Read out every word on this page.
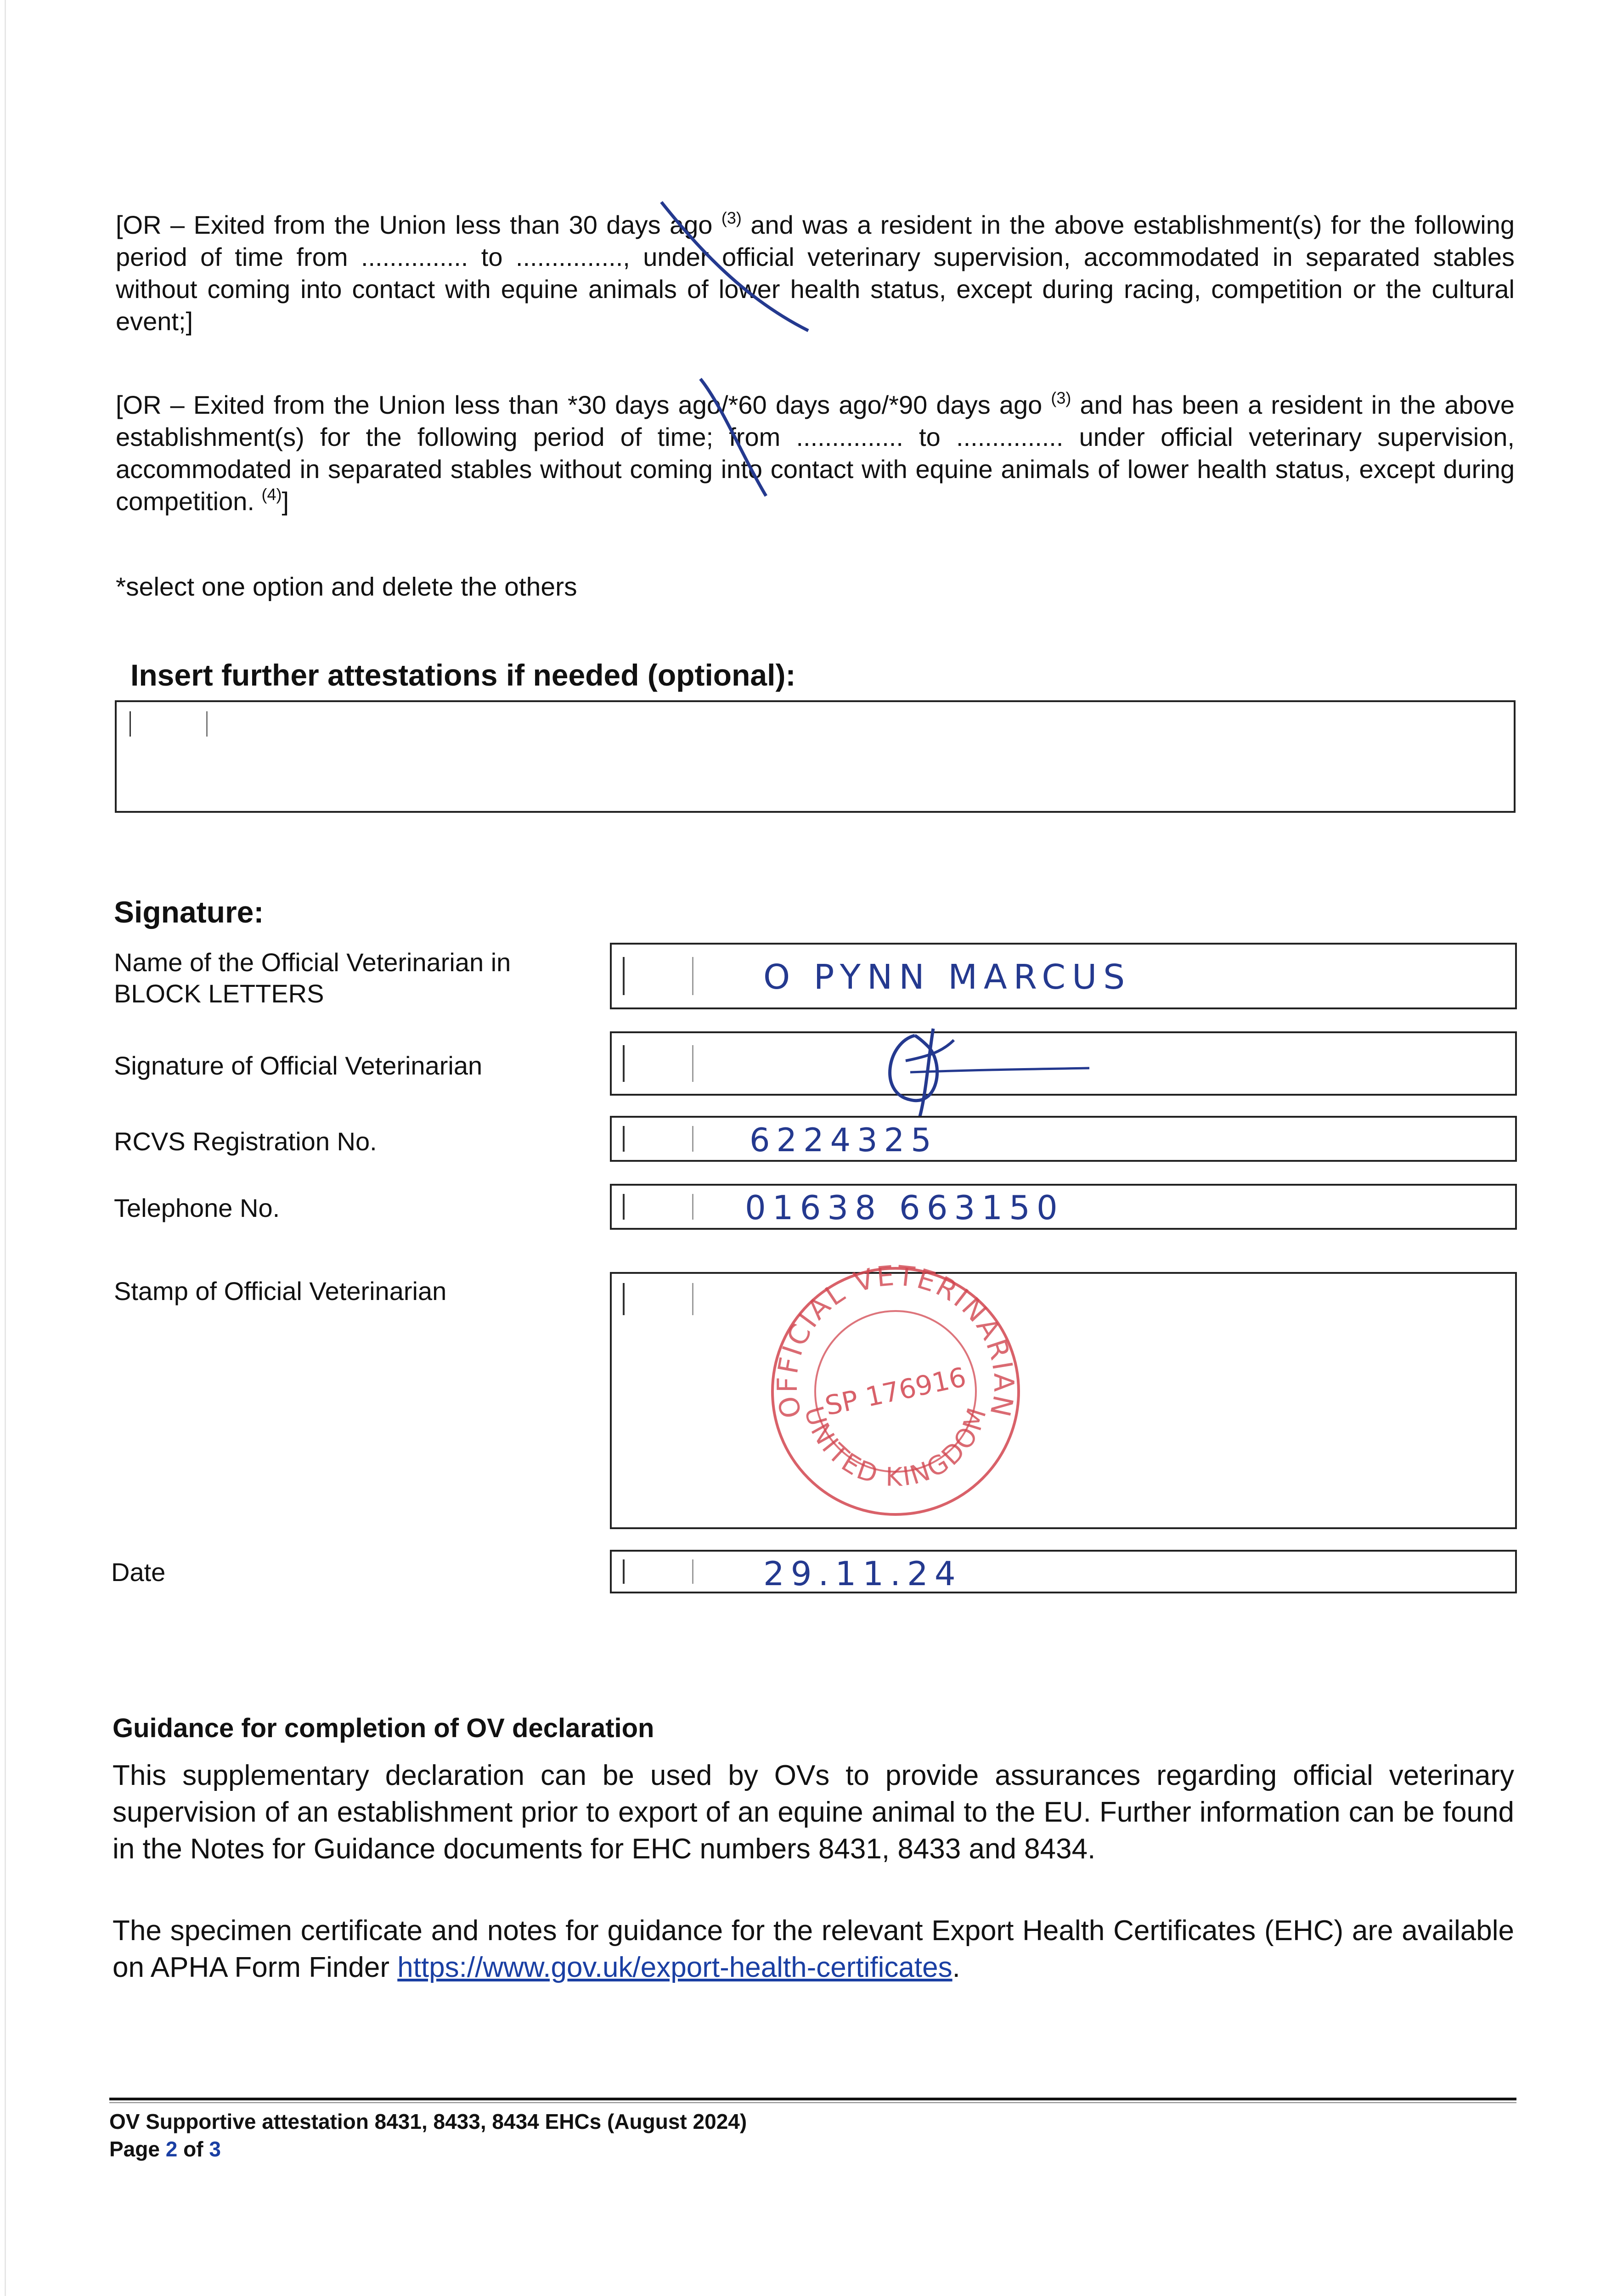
[OR – Exited from the Union less than 30 days ago $^{(3)}$ and was a resident in the above establishment(s) for the following period of time from ............... to ..............., under official veterinary supervision, accommodated in separated stables without coming into contact with equine animals of lower health status, except during racing, competition or the cultural event;]
[OR – Exited from the Union less than *30 days ago/*60 days ago/*90 days ago $^{(3)}$ and has been a resident in the above establishment(s) for the following period of time; from ............... to ............... under official veterinary supervision, accommodated in separated stables without coming into contact with equine animals of lower health status, except during competition. $^{(4)}$]
*select one option and delete the others
Insert further attestations if needed (optional):
Signature:
Name of the Official Veterinarian in
BLOCK LETTERS	O PYNN MARCUS
Signature of Official Veterinarian
RCVS Registration No.	6224325
Telephone No.	01638 663150
Stamp of Official Veterinarian
OFFICIAL VETERINARIAN
UNITED KINGDOM
SP 176916
Date	29.11.24
Guidance for completion of OV declaration
This supplementary declaration can be used by OVs to provide assurances regarding official veterinary supervision of an establishment prior to export of an equine animal to the EU. Further information can be found in the Notes for Guidance documents for EHC numbers 8431, 8433 and 8434.
The specimen certificate and notes for guidance for the relevant Export Health Certificates (EHC) are available on APHA Form Finder https://www.gov.uk/export-health-certificates.
OV Supportive attestation 8431, 8433, 8434 EHCs (August 2024)
Page 2 of 3
